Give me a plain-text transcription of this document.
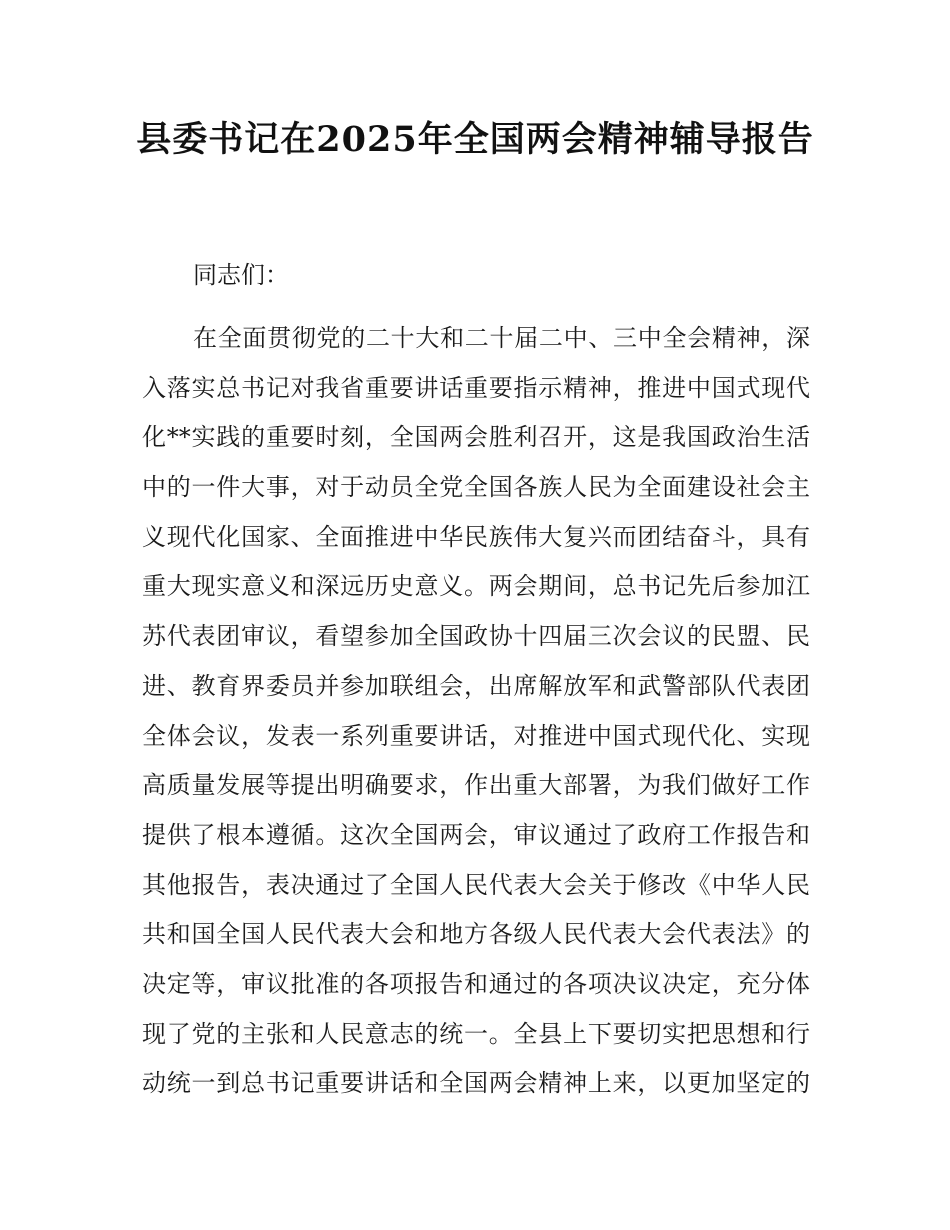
县委书记在2025年全国两会精神辅导报告
同志们：
在全面贯彻党的二十大和二十届二中、三中全会精神，深
入落实总书记对我省重要讲话重要指示精神，推进中国式现代
化**实践的重要时刻，全国两会胜利召开，这是我国政治生活
中的一件大事，对于动员全党全国各族人民为全面建设社会主
义现代化国家、全面推进中华民族伟大复兴而团结奋斗，具有
重大现实意义和深远历史意义。两会期间，总书记先后参加江
苏代表团审议，看望参加全国政协十四届三次会议的民盟、民
进、教育界委员并参加联组会，出席解放军和武警部队代表团
全体会议，发表一系列重要讲话，对推进中国式现代化、实现
高质量发展等提出明确要求，作出重大部署，为我们做好工作
提供了根本遵循。这次全国两会，审议通过了政府工作报告和
其他报告，表决通过了全国人民代表大会关于修改《中华人民
共和国全国人民代表大会和地方各级人民代表大会代表法》的
决定等，审议批准的各项报告和通过的各项决议决定，充分体
现了党的主张和人民意志的统一。全县上下要切实把思想和行
动统一到总书记重要讲话和全国两会精神上来，以更加坚定的
